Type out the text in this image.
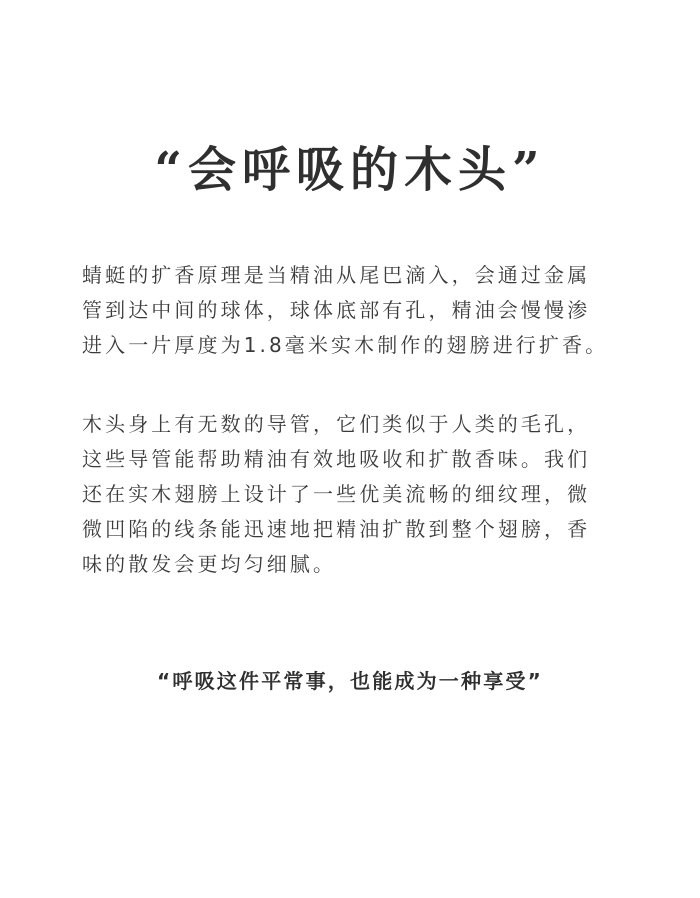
“会呼吸的木头”
蜻蜓的扩香原理是当精油从尾巴滴入，会通过金属
管到达中间的球体，球体底部有孔，精油会慢慢渗
进入一片厚度为1.8毫米实木制作的翅膀进行扩香。
木头身上有无数的导管，它们类似于人类的毛孔，
这些导管能帮助精油有效地吸收和扩散香味。我们
还在实木翅膀上设计了一些优美流畅的细纹理，微
微凹陷的线条能迅速地把精油扩散到整个翅膀，香
味的散发会更均匀细腻。
“呼吸这件平常事，也能成为一种享受”
